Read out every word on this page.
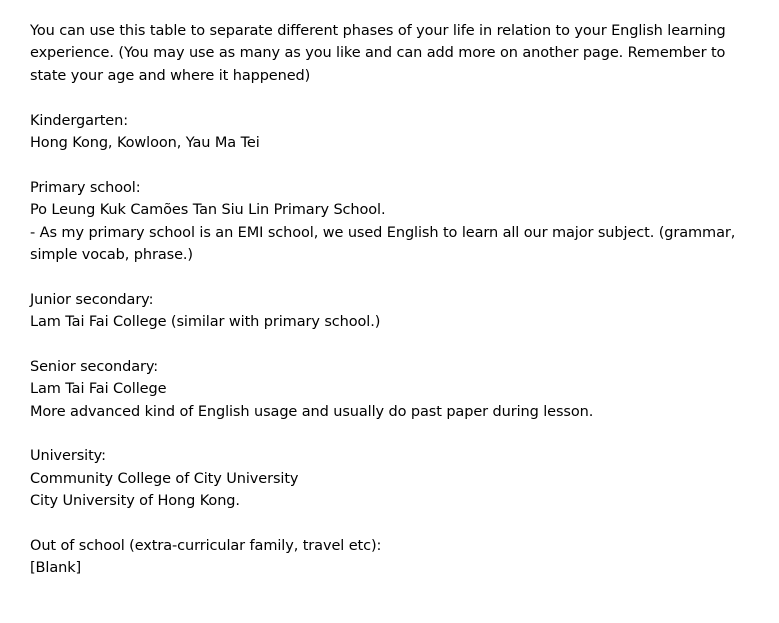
You can use this table to separate different phases of your life in relation to your English learning
experience. (You may use as many as you like and can add more on another page. Remember to
state your age and where it happened)
Kindergarten:
Hong Kong, Kowloon, Yau Ma Tei
Primary school:
Po Leung Kuk Camões Tan Siu Lin Primary School.
- As my primary school is an EMI school, we used English to learn all our major subject. (grammar,
simple vocab, phrase.)
Junior secondary:
Lam Tai Fai College (similar with primary school.)
Senior secondary:
Lam Tai Fai College
More advanced kind of English usage and usually do past paper during lesson.
University:
Community College of City University
City University of Hong Kong.
Out of school (extra-curricular family, travel etc):
[Blank]
